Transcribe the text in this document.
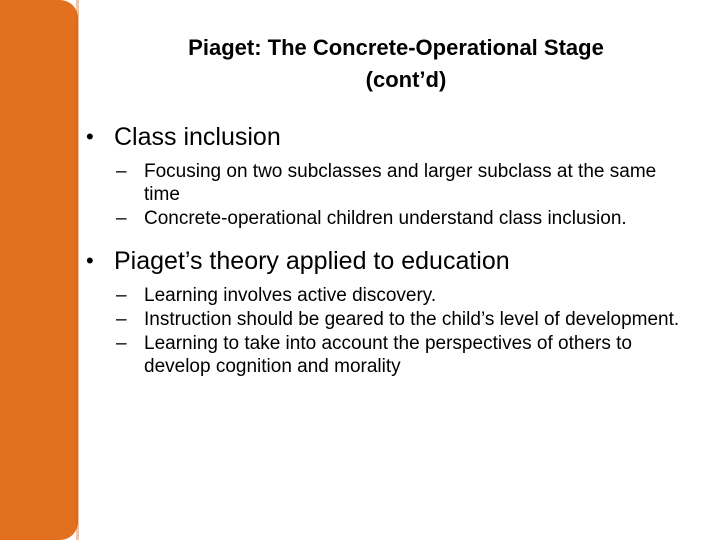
Piaget: The Concrete-Operational Stage
(cont’d)
• Class inclusion
– Focusing on two subclasses and larger subclass at the same time
– Concrete-operational children understand class inclusion.
• Piaget’s theory applied to education
– Learning involves active discovery.
– Instruction should be geared to the child’s level of development.
– Learning to take into account the perspectives of others to develop cognition and morality
